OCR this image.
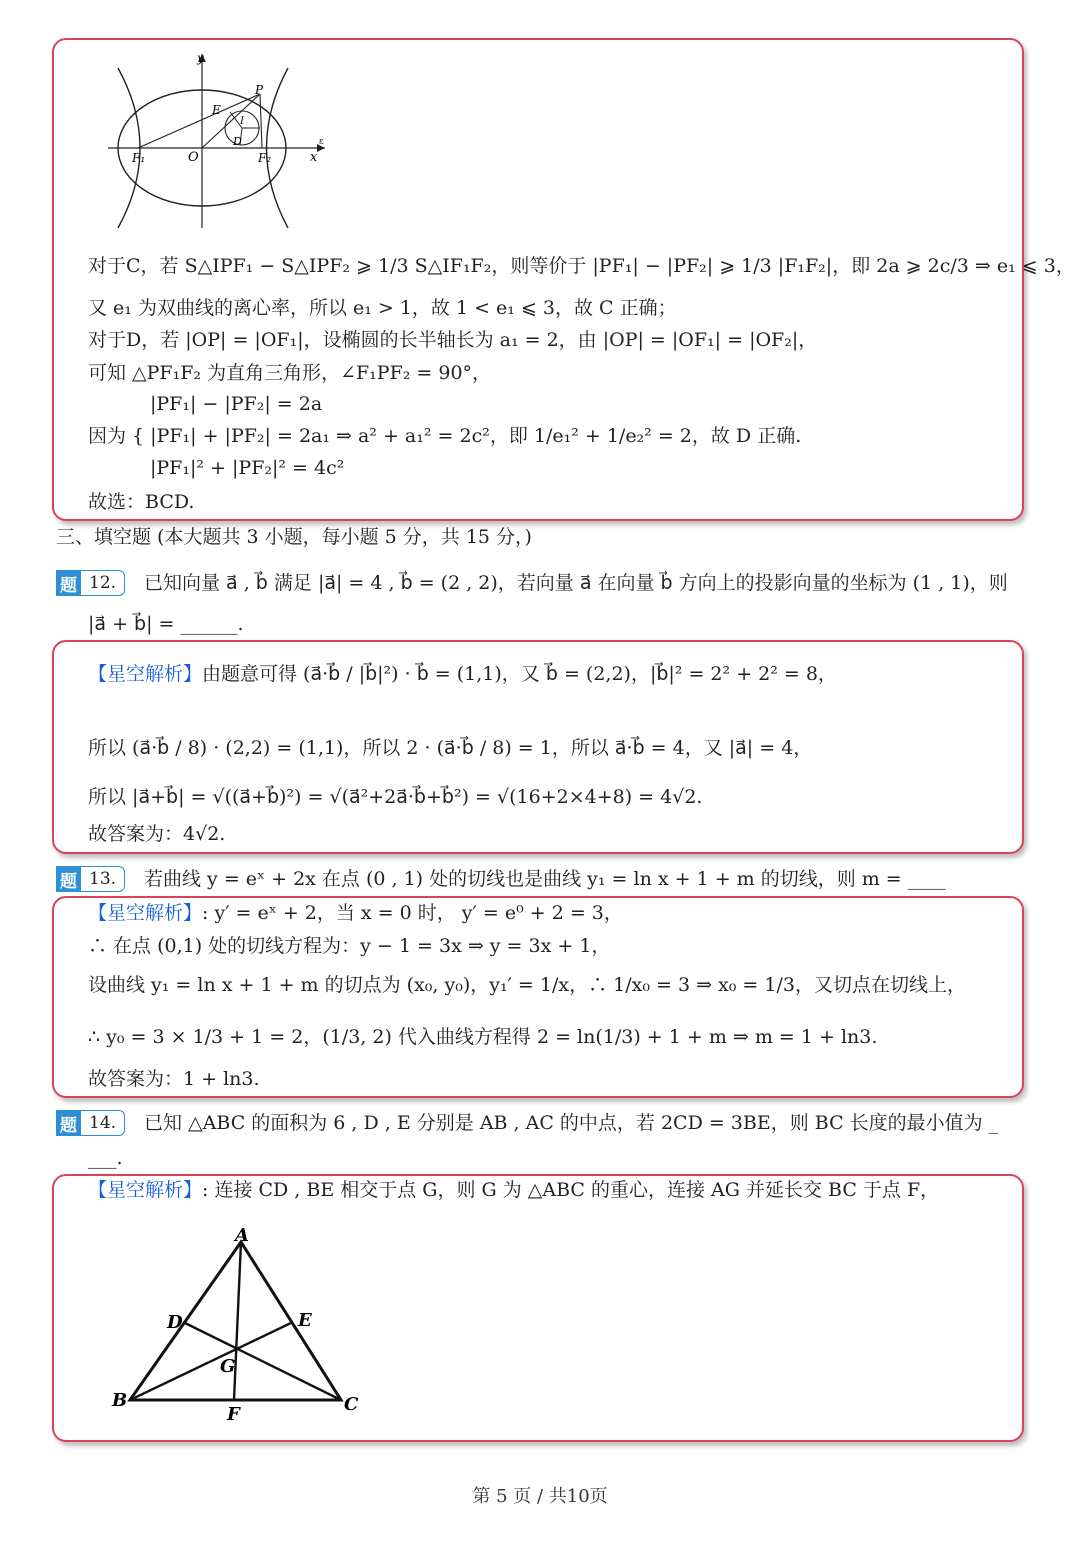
y
x
ε
O
F₁	F₂
P
E
D
I
对于C，若 S△IPF₁ − S△IPF₂ ⩾ 1/3 S△IF₁F₂，则等价于 |PF₁| − |PF₂| ⩾ 1/3 |F₁F₂|，即 2a ⩾ 2c/3 ⇒ e₁ ⩽ 3，
又 e₁ 为双曲线的离心率，所以 e₁ > 1，故 1 < e₁ ⩽ 3，故 C 正确；
对于D，若 |OP| = |OF₁|，设椭圆的长半轴长为 a₁ = 2，由 |OP| = |OF₁| = |OF₂|，
可知 △PF₁F₂ 为直角三角形，∠F₁PF₂ = 90°，
|PF₁| − |PF₂| = 2a
因为 { |PF₁| + |PF₂| = 2a₁ ⇒ a² + a₁² = 2c²，即 1/e₁² + 1/e₂² = 2，故 D 正确.
|PF₁|² + |PF₂|² = 4c²
故选：BCD.
三、填空题 (本大题共 3 小题，每小题 5 分，共 15 分，)
题 12.	已知向量 a⃗ , b⃗ 满足 |a⃗| = 4 , b⃗ = (2 , 2)，若向量 a⃗ 在向量 b⃗ 方向上的投影向量的坐标为 (1 , 1)，则
|a⃗ + b⃗| = ______.
【星空解析】由题意可得 (a⃗·b⃗ / |b⃗|²) · b⃗ = (1,1)，又 b⃗ = (2,2)，|b⃗|² = 2² + 2² = 8，
所以 (a⃗·b⃗ / 8) · (2,2) = (1,1)，所以 2 · (a⃗·b⃗ / 8) = 1，所以 a⃗·b⃗ = 4，又 |a⃗| = 4，
所以 |a⃗+b⃗| = √((a⃗+b⃗)²) = √(a⃗²+2a⃗·b⃗+b⃗²) = √(16+2×4+8) = 4√2.
故答案为：4√2.
题 13.	若曲线 y = eˣ + 2x 在点 (0 , 1) 处的切线也是曲线 y₁ = ln x + 1 + m 的切线，则 m = ____
【星空解析】: y′ = eˣ + 2，当 x = 0 时， y′ = e⁰ + 2 = 3，
∴ 在点 (0,1) 处的切线方程为：y − 1 = 3x ⇒ y = 3x + 1，
设曲线 y₁ = ln x + 1 + m 的切点为 (x₀, y₀)，y₁′ = 1/x，∴ 1/x₀ = 3 ⇒ x₀ = 1/3，又切点在切线上，
∴ y₀ = 3 × 1/3 + 1 = 2，(1/3, 2) 代入曲线方程得 2 = ln(1/3) + 1 + m ⇒ m = 1 + ln3.
故答案为：1 + ln3.
题 14.	已知 △ABC 的面积为 6 , D , E 分别是 AB , AC 的中点，若 2CD = 3BE，则 BC 长度的最小值为 _
___.
【星空解析】: 连接 CD , BE 相交于点 G，则 G 为 △ABC 的重心，连接 AG 并延长交 BC 于点 F，
A
B	C
D	E
F
G
第 5 页 / 共10页
